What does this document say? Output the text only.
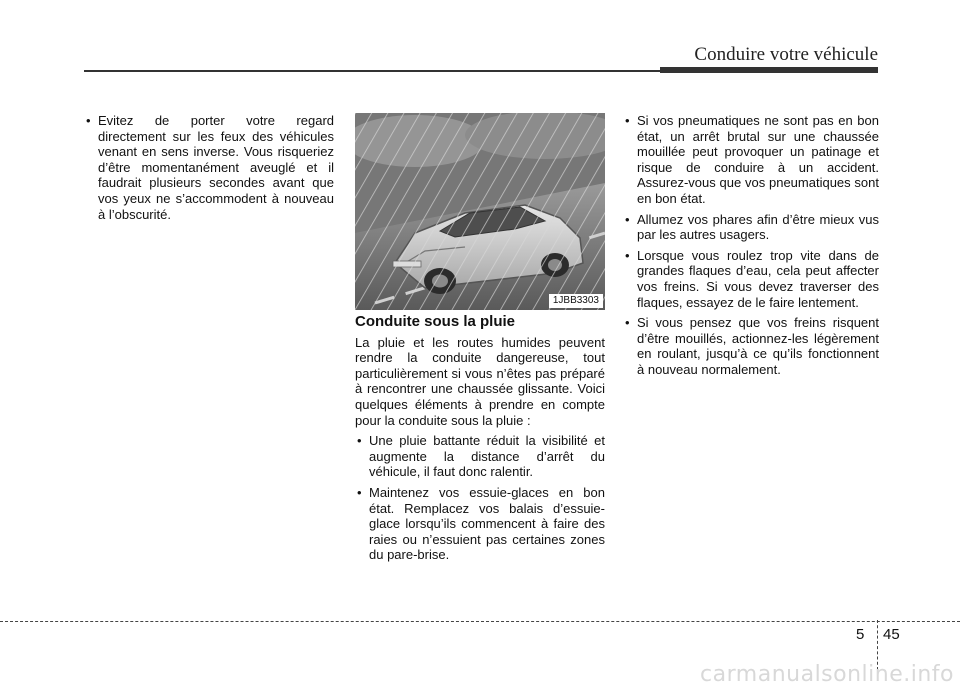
Conduire votre véhicule
• Evitez de porter votre regard directement sur les feux des véhicules venant en sens inverse. Vous risqueriez d’être momentanément aveuglé et il faudrait plusieurs secondes avant que vos yeux ne s’accommodent à nouveau à l’obscurité.
1JBB3303
Conduite sous la pluie
La pluie et les routes humides peuvent rendre la conduite dangereuse, tout particulièrement si vous n’êtes pas préparé à rencontrer une chaussée glissante. Voici quelques éléments à prendre en compte pour la conduite sous la pluie :
• Une pluie battante réduit la visibilité et augmente la distance d’arrêt du véhicule, il faut donc ralentir.
• Maintenez vos essuie-glaces en bon état. Remplacez vos balais d’essuie-glace lorsqu’ils commencent à faire des raies ou n’essuient pas certaines zones du pare-brise.
• Si vos pneumatiques ne sont pas en bon état, un arrêt brutal sur une chaussée mouillée peut provoquer un patinage et risque de conduire à un accident. Assurez-vous que vos pneumatiques sont en bon état.
• Allumez vos phares afin d’être mieux vus par les autres usagers.
• Lorsque vous roulez trop vite dans de grandes flaques d’eau, cela peut affecter vos freins. Si vous devez traverser des flaques, essayez de le faire lentement.
• Si vous pensez que vos freins risquent d’être mouillés, actionnez-les légèrement en roulant, jusqu’à ce qu’ils fonctionnent à nouveau normalement.
5 45
carmanualsonline.info
